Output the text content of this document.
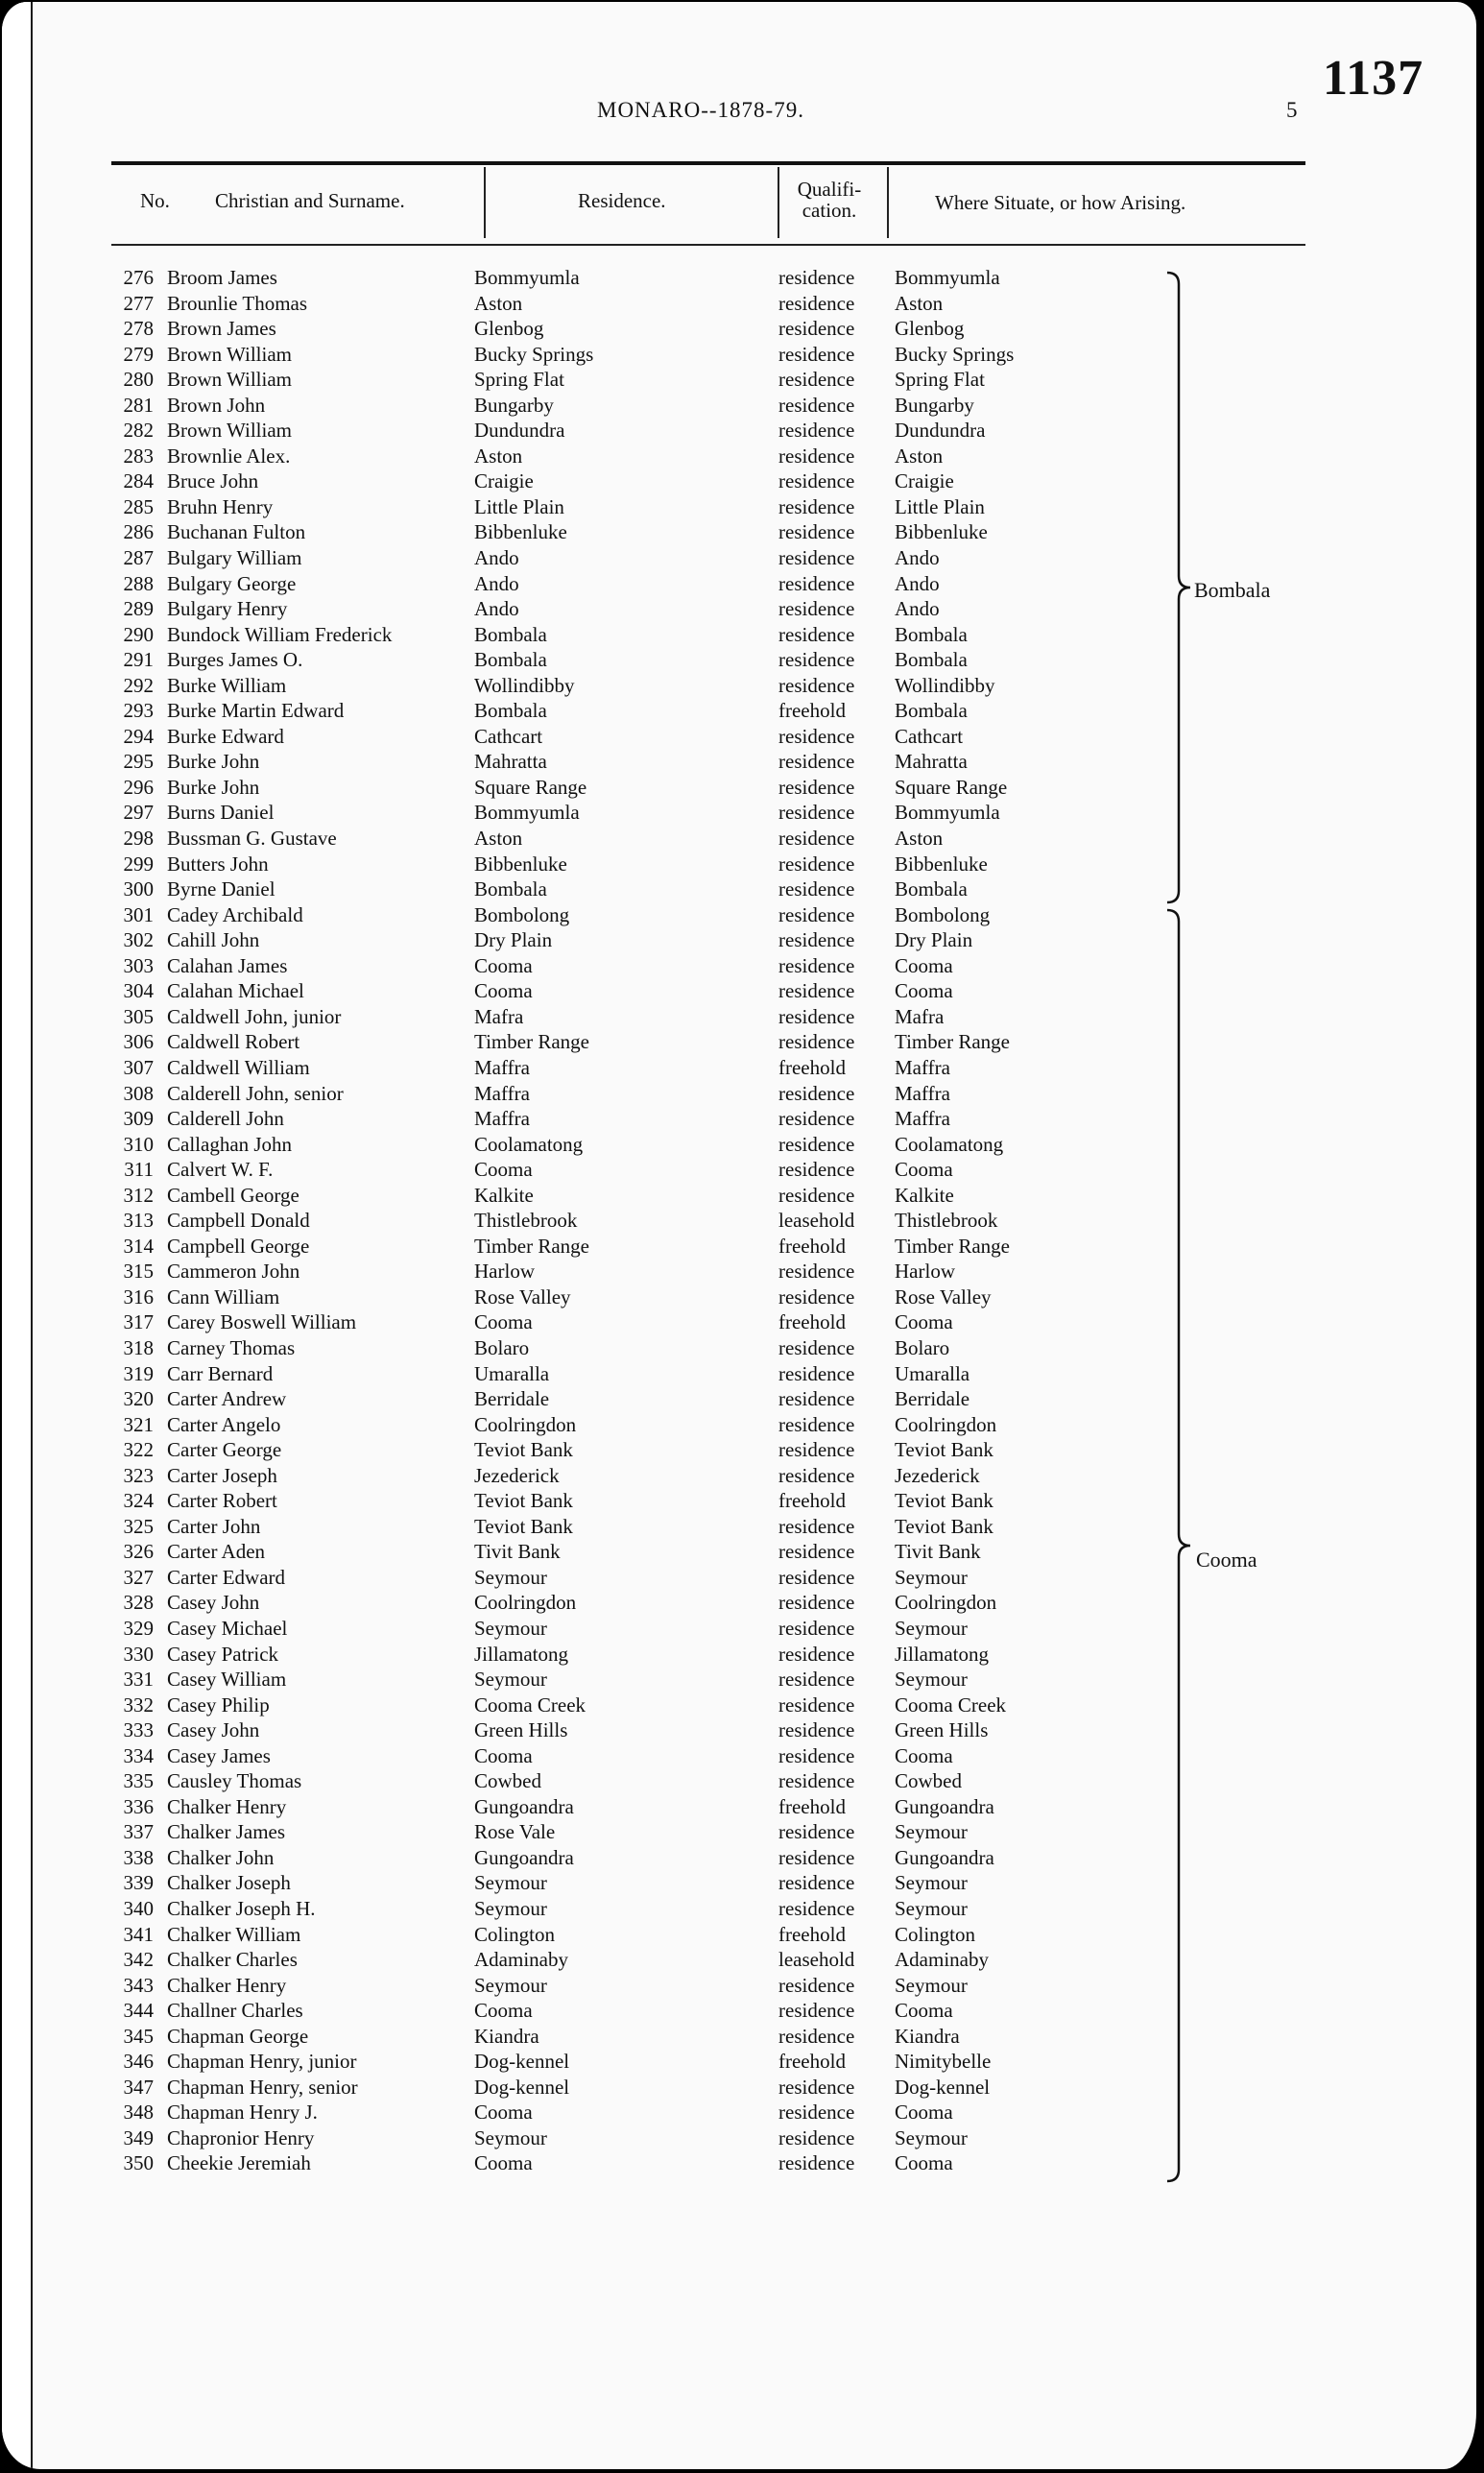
MONARO--1878-79.
1137
5
No. Christian and Surname.	Residence.	Qualifi-
cation.	Where Situate, or how Arising.
276 Broom James	Bommyumla	residence Bommyumla
277 Brounlie Thomas	Aston	residence Aston
278 Brown James	Glenbog	residence Glenbog
279 Brown William	Bucky Springs	residence Bucky Springs
280 Brown William	Spring Flat	residence Spring Flat
281 Brown John	Bungarby	residence Bungarby
282 Brown William	Dundundra	residence Dundundra
283 Brownlie Alex.	Aston	residence Aston
284 Bruce John	Craigie	residence Craigie
285 Bruhn Henry	Little Plain	residence Little Plain
286 Buchanan Fulton	Bibbenluke	residence Bibbenluke
287 Bulgary William	Ando	residence Ando
288 Bulgary George	Ando	residence Ando
289 Bulgary Henry	Ando	residence Ando
290 Bundock William Frederick	Bombala	residence Bombala
291 Burges James O.	Bombala	residence Bombala
292 Burke William	Wollindibby	residence Wollindibby
293 Burke Martin Edward	Bombala	freehold Bombala
294 Burke Edward	Cathcart	residence Cathcart
295 Burke John	Mahratta	residence Mahratta
296 Burke John	Square Range	residence Square Range
297 Burns Daniel	Bommyumla	residence Bommyumla
298 Bussman G. Gustave	Aston	residence Aston
299 Butters John	Bibbenluke	residence Bibbenluke
300 Byrne Daniel	Bombala	residence Bombala
301 Cadey Archibald	Bombolong	residence Bombolong
302 Cahill John	Dry Plain	residence Dry Plain
303 Calahan James	Cooma	residence Cooma
304 Calahan Michael	Cooma	residence Cooma
305 Caldwell John, junior	Mafra	residence Mafra
306 Caldwell Robert	Timber Range	residence Timber Range
307 Caldwell William	Maffra	freehold Maffra
308 Calderell John, senior	Maffra	residence Maffra
309 Calderell John	Maffra	residence Maffra
310 Callaghan John	Coolamatong	residence Coolamatong
311 Calvert W. F.	Cooma	residence Cooma
312 Cambell George	Kalkite	residence Kalkite
313 Campbell Donald	Thistlebrook	leasehold Thistlebrook
314 Campbell George	Timber Range	freehold Timber Range
315 Cammeron John	Harlow	residence Harlow
316 Cann William	Rose Valley	residence Rose Valley
317 Carey Boswell William	Cooma	freehold Cooma
318 Carney Thomas	Bolaro	residence Bolaro
319 Carr Bernard	Umaralla	residence Umaralla
320 Carter Andrew	Berridale	residence Berridale
321 Carter Angelo	Coolringdon	residence Coolringdon
322 Carter George	Teviot Bank	residence Teviot Bank
323 Carter Joseph	Jezederick	residence Jezederick
324 Carter Robert	Teviot Bank	freehold Teviot Bank
325 Carter John	Teviot Bank	residence Teviot Bank
326 Carter Aden	Tivit Bank	residence Tivit Bank
327 Carter Edward	Seymour	residence Seymour
328 Casey John	Coolringdon	residence Coolringdon
329 Casey Michael	Seymour	residence Seymour
330 Casey Patrick	Jillamatong	residence Jillamatong
331 Casey William	Seymour	residence Seymour
332 Casey Philip	Cooma Creek	residence Cooma Creek
333 Casey John	Green Hills	residence Green Hills
334 Casey James	Cooma	residence Cooma
335 Causley Thomas	Cowbed	residence Cowbed
336 Chalker Henry	Gungoandra	freehold Gungoandra
337 Chalker James	Rose Vale	residence Seymour
338 Chalker John	Gungoandra	residence Gungoandra
339 Chalker Joseph	Seymour	residence Seymour
340 Chalker Joseph H.	Seymour	residence Seymour
341 Chalker William	Colington	freehold Colington
342 Chalker Charles	Adaminaby	leasehold Adaminaby
343 Chalker Henry	Seymour	residence Seymour
344 Challner Charles	Cooma	residence Cooma
345 Chapman George	Kiandra	residence Kiandra
346 Chapman Henry, junior	Dog-kennel	freehold Nimitybelle
347 Chapman Henry, senior	Dog-kennel	residence Dog-kennel
348 Chapman Henry J.	Cooma	residence Cooma
349 Chapronior Henry	Seymour	residence Seymour
350 Cheekie Jeremiah	Cooma	residence Cooma
Bombala
Cooma
